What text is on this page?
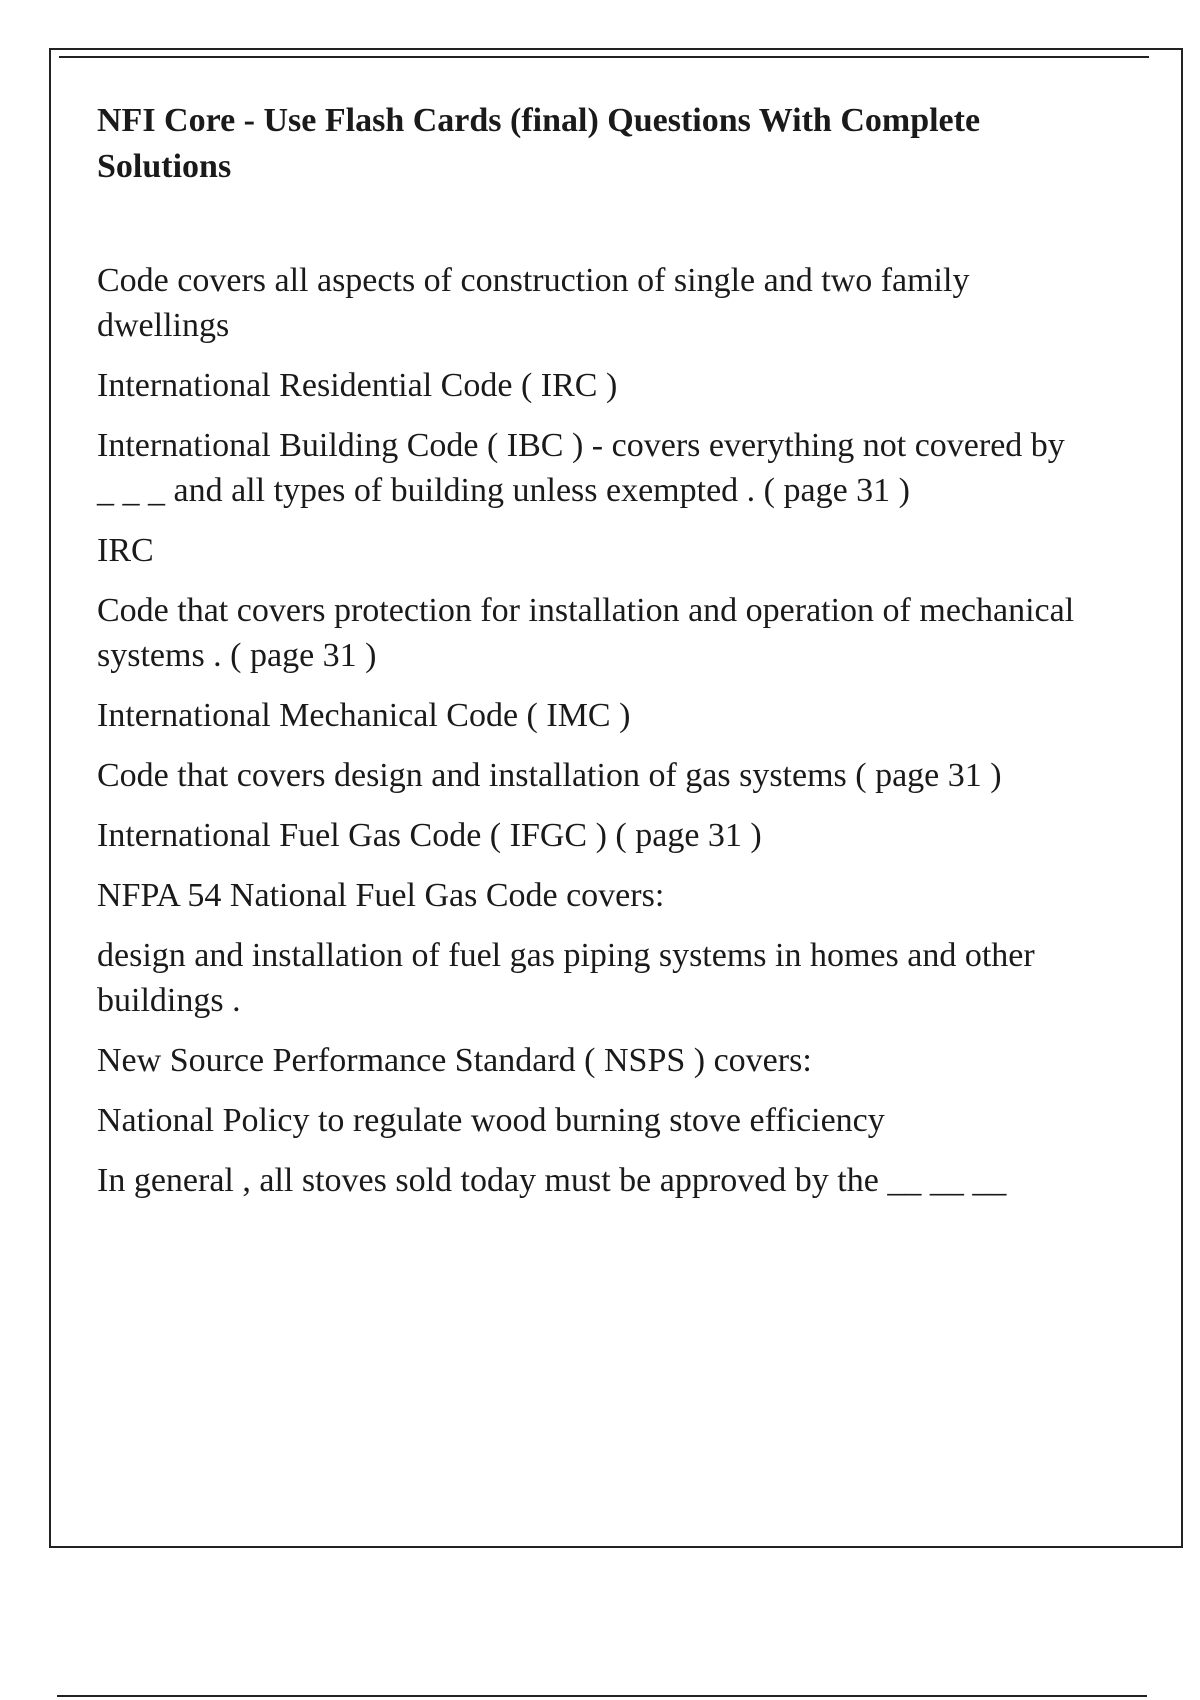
NFI Core - Use Flash Cards (final) Questions With Complete Solutions

Code covers all aspects of construction of single and two family dwellings

International Residential Code ( IRC )

International Building Code ( IBC ) - covers everything not covered by _ _ _ and all types of building unless exempted . ( page 31 )

IRC

Code that covers protection for installation and operation of mechanical systems . ( page 31 )

International Mechanical Code ( IMC )

Code that covers design and installation of gas systems ( page 31 )

International Fuel Gas Code ( IFGC ) ( page 31 )

NFPA 54 National Fuel Gas Code covers:

design and installation of fuel gas piping systems in homes and other buildings .

New Source Performance Standard ( NSPS ) covers:

National Policy to regulate wood burning stove efficiency

In general , all stoves sold today must be approved by the __ __ __
